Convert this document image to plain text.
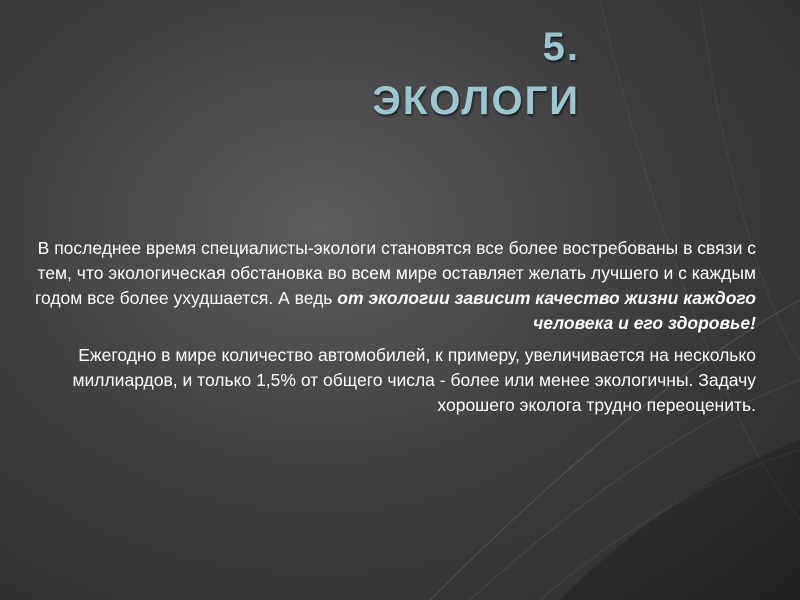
5.
ЭКОЛОГИ

В последнее время специалисты-экологи становятся все более востребованы в связи с тем, что экологическая обстановка во всем мире оставляет желать лучшего и с каждым годом все более ухудшается. А ведь от экологии зависит качество жизни каждого человека и его здоровье!

Ежегодно в мире количество автомобилей, к примеру, увеличивается на несколько миллиардов, и только 1,5% от общего числа - более или менее экологичны. Задачу хорошего эколога трудно переоценить.
